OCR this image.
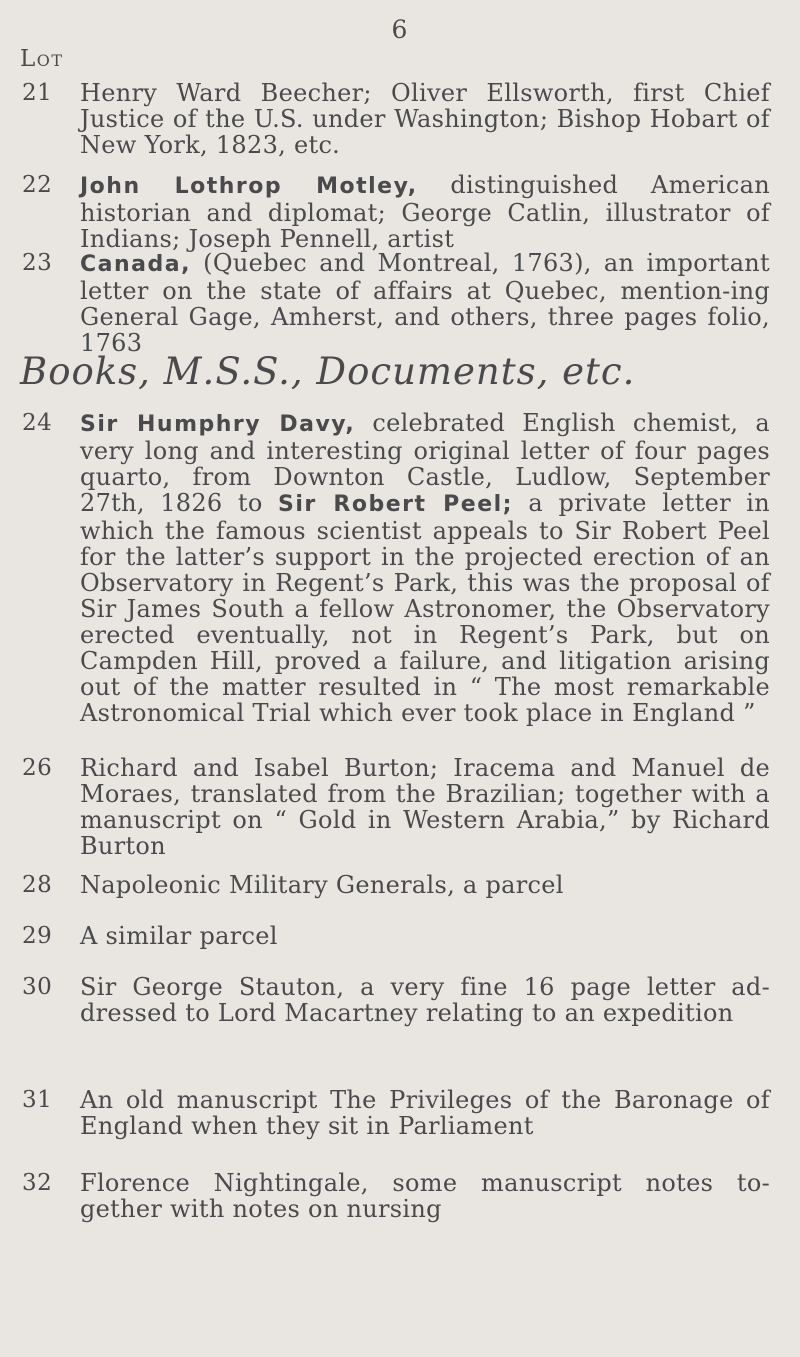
6
Lot
21 Henry Ward Beecher; Oliver Ellsworth, first Chief Justice of the U.S. under Washington; Bishop Hobart of New York, 1823, etc.
22 John Lothrop Motley, distinguished American historian and diplomat; George Catlin, illustrator of Indians; Joseph Pennell, artist
23 Canada, (Quebec and Montreal, 1763), an important letter on the state of affairs at Quebec, mention-ing General Gage, Amherst, and others, three pages folio, 1763
Books, M.S.S., Documents, etc.
24 Sir Humphry Davy, celebrated English chemist, a very long and interesting original letter of four pages quarto, from Downton Castle, Ludlow, September 27th, 1826 to Sir Robert Peel; a private letter in which the famous scientist appeals to Sir Robert Peel for the latter’s support in the projected erection of an Observatory in Regent’s Park, this was the proposal of Sir James South a fellow Astronomer, the Observatory erected eventually, not in Regent’s Park, but on Campden Hill, proved a failure, and litigation arising out of the matter resulted in “ The most remarkable Astronomical Trial which ever took place in England ”
26 Richard and Isabel Burton; Iracema and Manuel de Moraes, translated from the Brazilian; together with a manuscript on “ Gold in Western Arabia,” by Richard Burton
28 Napoleonic Military Generals, a parcel
29 A similar parcel
30 Sir George Stauton, a very fine 16 page letter ad-dressed to Lord Macartney relating to an expedition
31 An old manuscript The Privileges of the Baronage of England when they sit in Parliament
32 Florence Nightingale, some manuscript notes to-gether with notes on nursing
